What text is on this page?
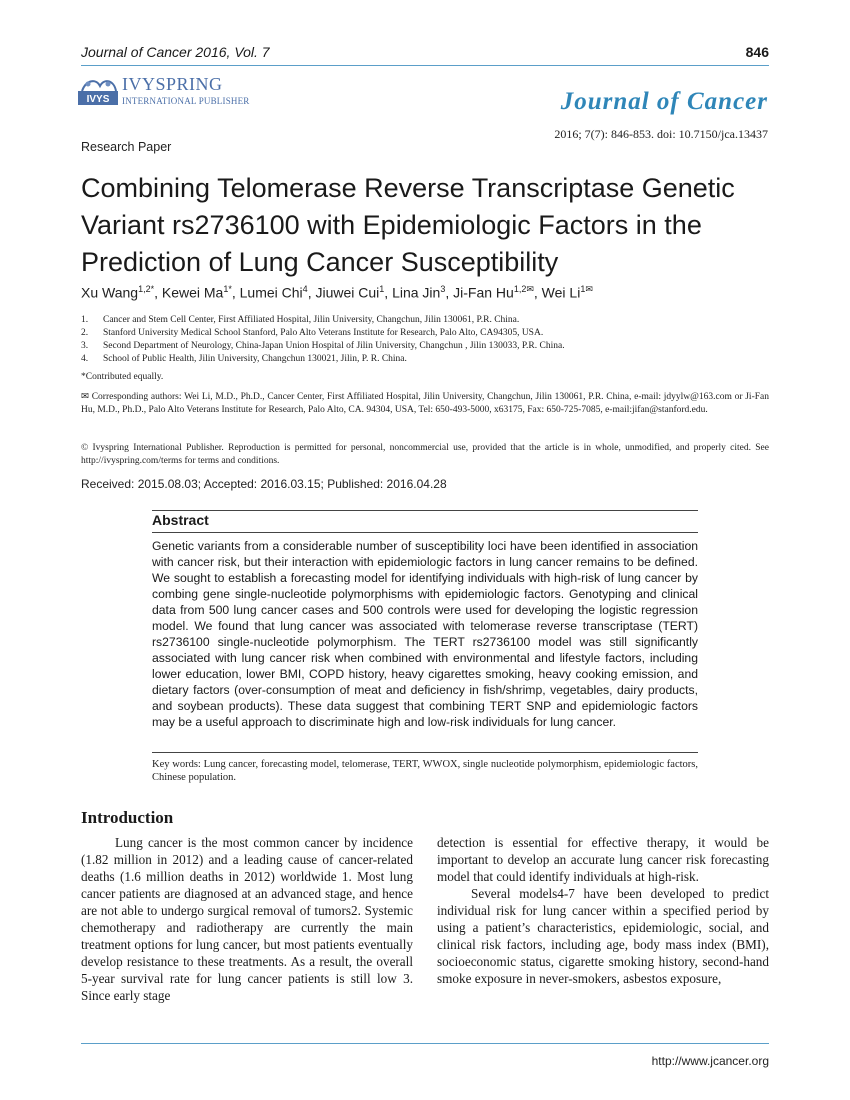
Journal of Cancer 2016, Vol. 7	846
IVYS
IVYSPRING
INTERNATIONAL PUBLISHER	Journal of Cancer
2016; 7(7): 846-853. doi: 10.7150/jca.13437
Research Paper
Combining Telomerase Reverse Transcriptase Genetic
Variant rs2736100 with Epidemiologic Factors in the
Prediction of Lung Cancer Susceptibility
Xu Wang$^{1,2*}$, Kewei $Ma^{1*}$, Lumei Chi$^4$, Jiuwei Cui$^1$, Lina Jin$^3$, Ji-Fan $Hu^{1,2✉}$, Wei $Li^{1✉}$
1.	Cancer and Stem Cell Center, First Affiliated Hospital, Jilin University, Changchun, Jilin 130061, P.R. China.
2.	Stanford University Medical School Stanford, Palo Alto Veterans Institute for Research, Palo Alto, CA94305, USA.
3.	Second Department of Neurology, China-Japan Union Hospital of Jilin University, Changchun , Jilin 130033, P.R. China.
4.	School of Public Health, Jilin University, Changchun 130021, Jilin, P. R. China.
*Contributed equally.
✉ Corresponding authors: Wei Li, M.D., Ph.D., Cancer Center, First Affiliated Hospital, Jilin University, Changchun, Jilin 130061, P.R. China, e-mail: jdyylw@163.com or Ji-Fan Hu, M.D., Ph.D., Palo Alto Veterans Institute for Research, Palo Alto, CA. 94304, USA, Tel: 650-493-5000, x63175, Fax: 650-725-7085, e-mail:jifan@stanford.edu.
© Ivyspring International Publisher. Reproduction is permitted for personal, noncommercial use, provided that the article is in whole, unmodified, and properly cited. See http://ivyspring.com/terms for terms and conditions.
Received: 2015.08.03; Accepted: 2016.03.15; Published: 2016.04.28
Abstract
Genetic variants from a considerable number of susceptibility loci have been identified in association with cancer risk, but their interaction with epidemiologic factors in lung cancer remains to be defined. We sought to establish a forecasting model for identifying individuals with high-risk of lung cancer by combing gene single-nucleotide polymorphisms with epidemiologic factors. Genotyping and clinical data from 500 lung cancer cases and 500 controls were used for developing the logistic regression model. We found that lung cancer was associated with telomerase reverse transcriptase (TERT) rs2736100 single-nucleotide polymorphism. The TERT rs2736100 model was still significantly associated with lung cancer risk when combined with environmental and lifestyle factors, including lower education, lower BMI, COPD history, heavy cigarettes smoking, heavy cooking emission, and dietary factors (over-consumption of meat and deficiency in fish/shrimp, vegetables, dairy products, and soybean products). These data suggest that combining TERT SNP and epidemiologic factors may be a useful approach to discriminate high and low-risk individuals for lung cancer.
Key words: Lung cancer, forecasting model, telomerase, TERT, WWOX, single nucleotide polymorphism, epidemiologic factors, Chinese population.
Introduction

Lung cancer is the most common cancer by incidence (1.82 million in 2012) and a leading cause of cancer-related deaths (1.6 million deaths in 2012) worldwide 1. Most lung cancer patients are diagnosed at an advanced stage, and hence are not able to undergo surgical removal of tumors2. Systemic chemotherapy and radiotherapy are currently the main treatment options for lung cancer, but most patients eventually develop resistance to these treatments. As a result, the overall 5-year survival rate for lung cancer patients is still low 3. Since early stage

detection is essential for effective therapy, it would be important to develop an accurate lung cancer risk forecasting model that could identify individuals at high-risk.

Several models4-7 have been developed to predict individual risk for lung cancer within a specified period by using a patient’s characteristics, epidemiologic, social, and clinical risk factors, including age, body mass index (BMI), socioeconomic status, cigarette smoking history, second-hand smoke exposure in never-smokers, asbestos exposure,

http://www.jcancer.org
